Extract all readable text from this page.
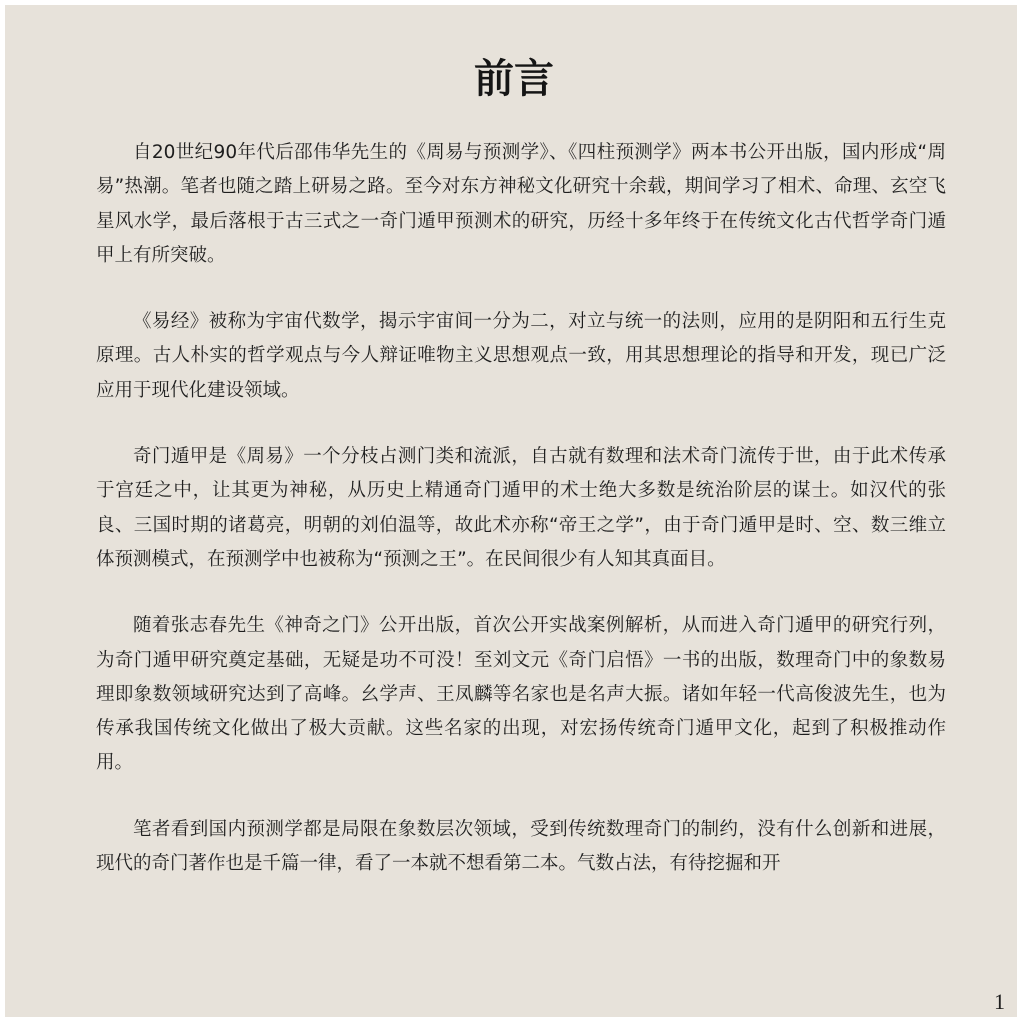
前言

自20世纪90年代后邵伟华先生的《周易与预测学》、《四柱预测学》两本书公开出版，国内形成“周易”热潮。笔者也随之踏上研易之路。至今对东方神秘文化研究十余载，期间学习了相术、命理、玄空飞星风水学，最后落根于古三式之一奇门遁甲预测术的研究，历经十多年终于在传统文化古代哲学奇门遁甲上有所突破。

《易经》被称为宇宙代数学，揭示宇宙间一分为二，对立与统一的法则，应用的是阴阳和五行生克原理。古人朴实的哲学观点与今人辩证唯物主义思想观点一致，用其思想理论的指导和开发，现已广泛应用于现代化建设领域。

奇门遁甲是《周易》一个分枝占测门类和流派，自古就有数理和法术奇门流传于世，由于此术传承于宫廷之中，让其更为神秘，从历史上精通奇门遁甲的术士绝大多数是统治阶层的谋士。如汉代的张良、三国时期的诸葛亮，明朝的刘伯温等，故此术亦称“帝王之学”，由于奇门遁甲是时、空、数三维立体预测模式，在预测学中也被称为“预测之王”。在民间很少有人知其真面目。

随着张志春先生《神奇之门》公开出版，首次公开实战案例解析，从而进入奇门遁甲的研究行列，为奇门遁甲研究奠定基础，无疑是功不可没！至刘文元《奇门启悟》一书的出版，数理奇门中的象数易理即象数领域研究达到了高峰。幺学声、王凤麟等名家也是名声大振。诸如年轻一代高俊波先生，也为传承我国传统文化做出了极大贡献。这些名家的出现，对宏扬传统奇门遁甲文化，起到了积极推动作用。

笔者看到国内预测学都是局限在象数层次领域，受到传统数理奇门的制约，没有什么创新和进展，现代的奇门著作也是千篇一律，看了一本就不想看第二本。气数占法，有待挖掘和开

1
